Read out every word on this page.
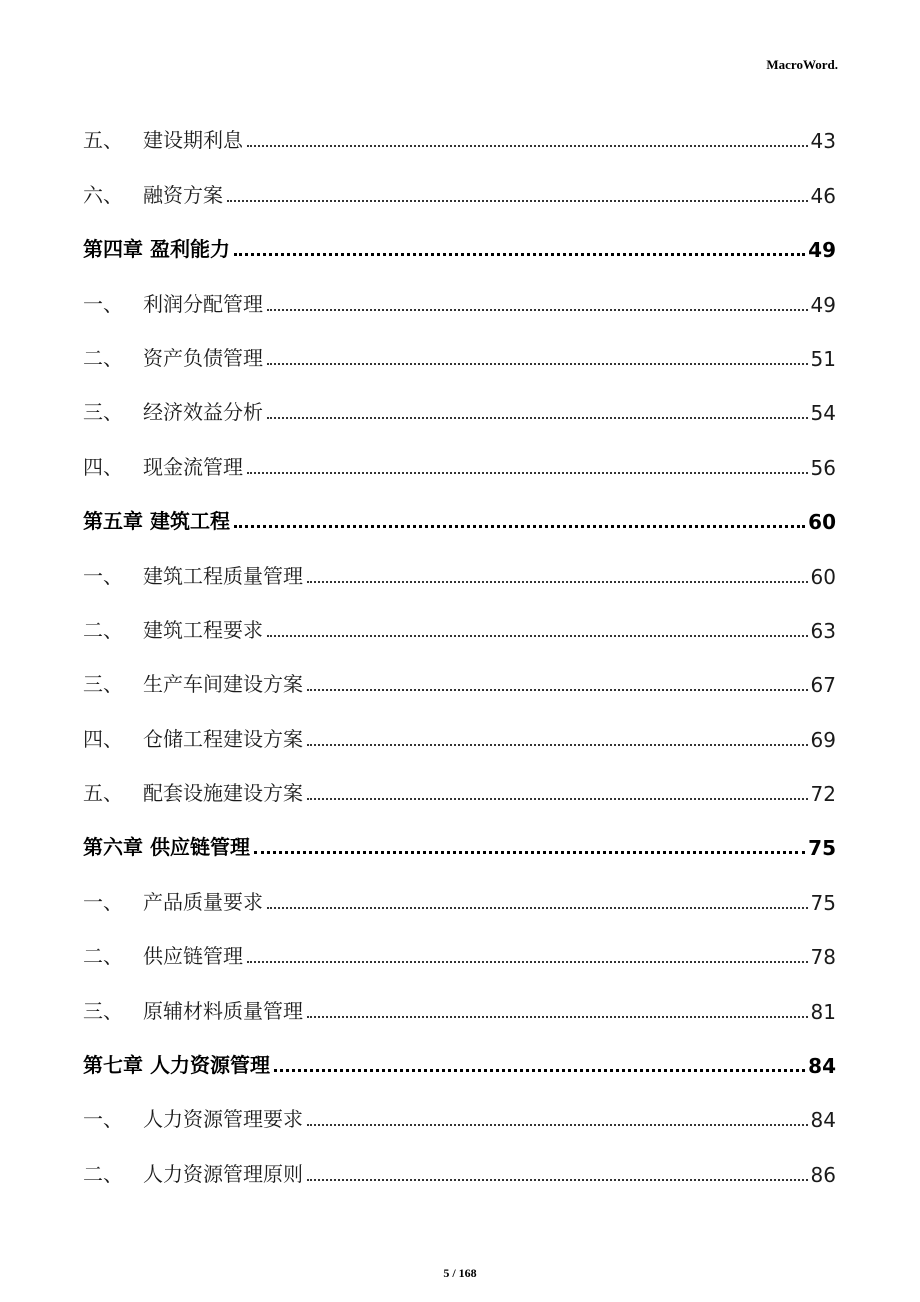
MacroWord.
五、	建设期利息	43
六、	融资方案	46
第四章 盈利能力	49
一、	利润分配管理	49
二、	资产负债管理	51
三、	经济效益分析	54
四、	现金流管理	56
第五章 建筑工程	60
一、	建筑工程质量管理	60
二、	建筑工程要求	63
三、	生产车间建设方案	67
四、	仓储工程建设方案	69
五、	配套设施建设方案	72
第六章 供应链管理	75
一、	产品质量要求	75
二、	供应链管理	78
三、	原辅材料质量管理	81
第七章 人力资源管理	84
一、	人力资源管理要求	84
二、	人力资源管理原则	86
5 / 168
